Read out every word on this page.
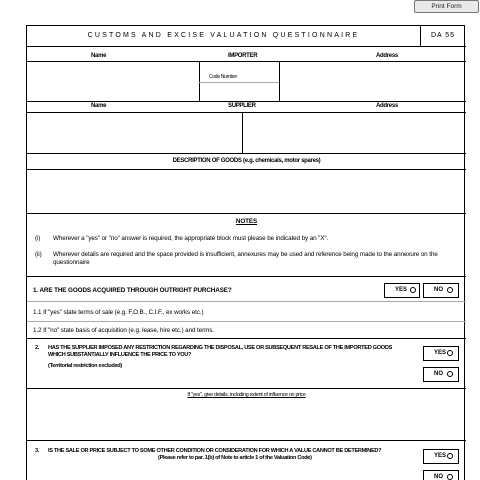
Print Form
CUSTOMS AND EXCISE VALUATION QUESTIONNAIRE	DA 55
Name	IMPORTER	Address
Code Number
Name	SUPPLIER	Address
DESCRIPTION OF GOODS (e.g. chemicals, motor spares)
NOTES
(i) Wherever a "yes" or "no" answer is required, the appropriate block must please be indicated by an "X".
(ii) Wherever details are required and the space provided is insufficient, annexures may be used and reference being made to the annexure on the questionnaire
1. ARE THE GOODS ACQUIRED THROUGH OUTRIGHT PURCHASE?	YES	NO
1.1 If "yes" state terms of sale (e.g. F.O.B., C.I.F., ex works etc.)
1.2 If "no" state basis of acquisition (e.g. lease, hire etc.) and terms.
2. HAS THE SUPPLIER IMPOSED ANY RESTRICTION REGARDING THE DISPOSAL, USE OR SUBSEQUENT RESALE OF THE IMPORTED GOODS WHICH SUBSTANTIALLY INFLUENCE THE PRICE TO YOU?
(Territorial restriction excluded)
YES
NO
If "yes", give details, including extent of influence on price
3. IS THE SALE OR PRICE SUBJECT TO SOME OTHER CONDITION OR CONSIDERATION FOR WHICH A VALUE CANNOT BE DETERMINED?
(Please refer to par. 1(b) of Note to article 1 of the Valuation Code)	YES
NO
